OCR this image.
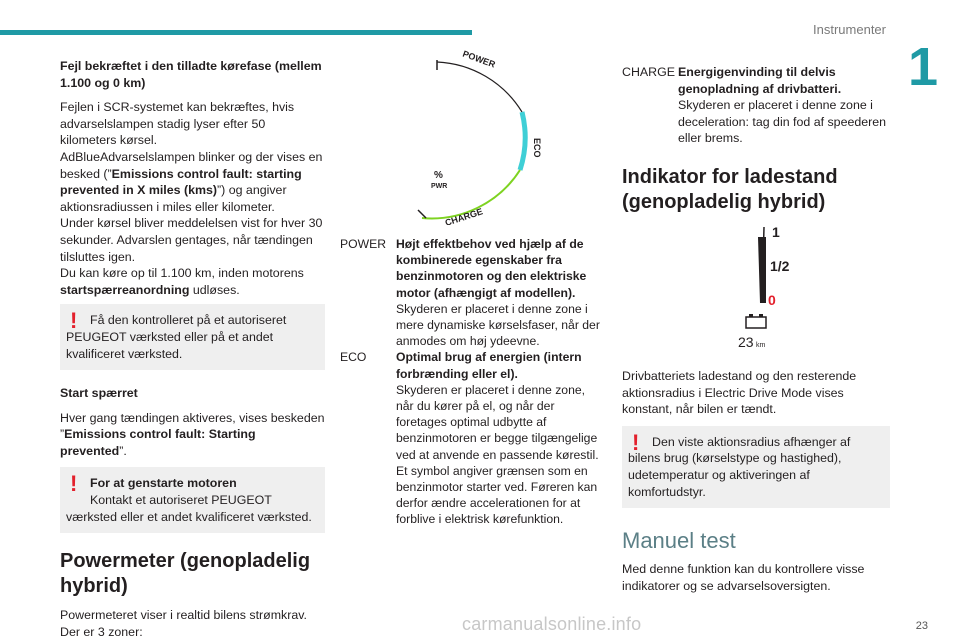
Instrumenter
1

Fejl bekræftet i den tilladte kørefase (mellem 1.100 og 0 km)

Fejlen i SCR-systemet kan bekræftes, hvis advarselslampen stadig lyser efter 50 kilometers kørsel.

AdBlueAdvarselslampen blinker og der vises en besked (”Emissions control fault: starting prevented in X miles (kms)”) og angiver aktionsradiussen i miles eller kilometer.

Under kørsel bliver meddelelsen vist for hver 30 sekunder. Advarslen gentages, når tændingen tilsluttes igen.

Du kan køre op til 1.100 km, inden motorens startspærreanordning udløses.

!	Få den kontrolleret på et autoriseret PEUGEOT værksted eller på et andet kvalificeret værksted.

Start spærret

Hver gang tændingen aktiveres, vises beskeden ”Emissions control fault: Starting prevented”.

!	For at genstarte motoren
Kontakt et autoriseret PEUGEOT værksted eller et andet kvalificeret værksted.
Powermeter (genopladelig hybrid)

Powermeteret viser i realtid bilens strømkrav. Der er 3 zoner:

POWER
ECO
CHARGE
%
PWR
POWER Højt effektbehov ved hjælp af de kombinerede egenskaber fra benzinmotoren og den elektriske motor (afhængigt af modellen).
Skyderen er placeret i denne zone i mere dynamiske kørselsfaser, når der anmodes om høj ydeevne.
ECO	Optimal brug af energien (intern forbrænding eller el).
Skyderen er placeret i denne zone, når du kører på el, og når der foretages optimal udbytte af benzinmotoren er begge tilgængelige ved at anvende en passende kørestil. Et symbol angiver grænsen som en benzinmotor starter ved. Føreren kan derfor ændre accelerationen for at forblive i elektrisk kørefunktion.
CHARGE Energigenvinding til delvis genopladning af drivbatteri.
Skyderen er placeret i denne zone i deceleration: tag din fod af speederen eller brems.
Indikator for ladestand (genopladelig hybrid)
1
1/2
0
23 km

Drivbatteriets ladestand og den resterende aktionsradius i Electric Drive Mode vises konstant, når bilen er tændt.

!	Den viste aktionsradius afhænger af bilens brug (kørselstype og hastighed), udetemperatur og aktiveringen af komfortudstyr.
Manuel test

Med denne funktion kan du kontrollere visse indikatorer og se advarselsoversigten.

carmanualsonline.info	23
